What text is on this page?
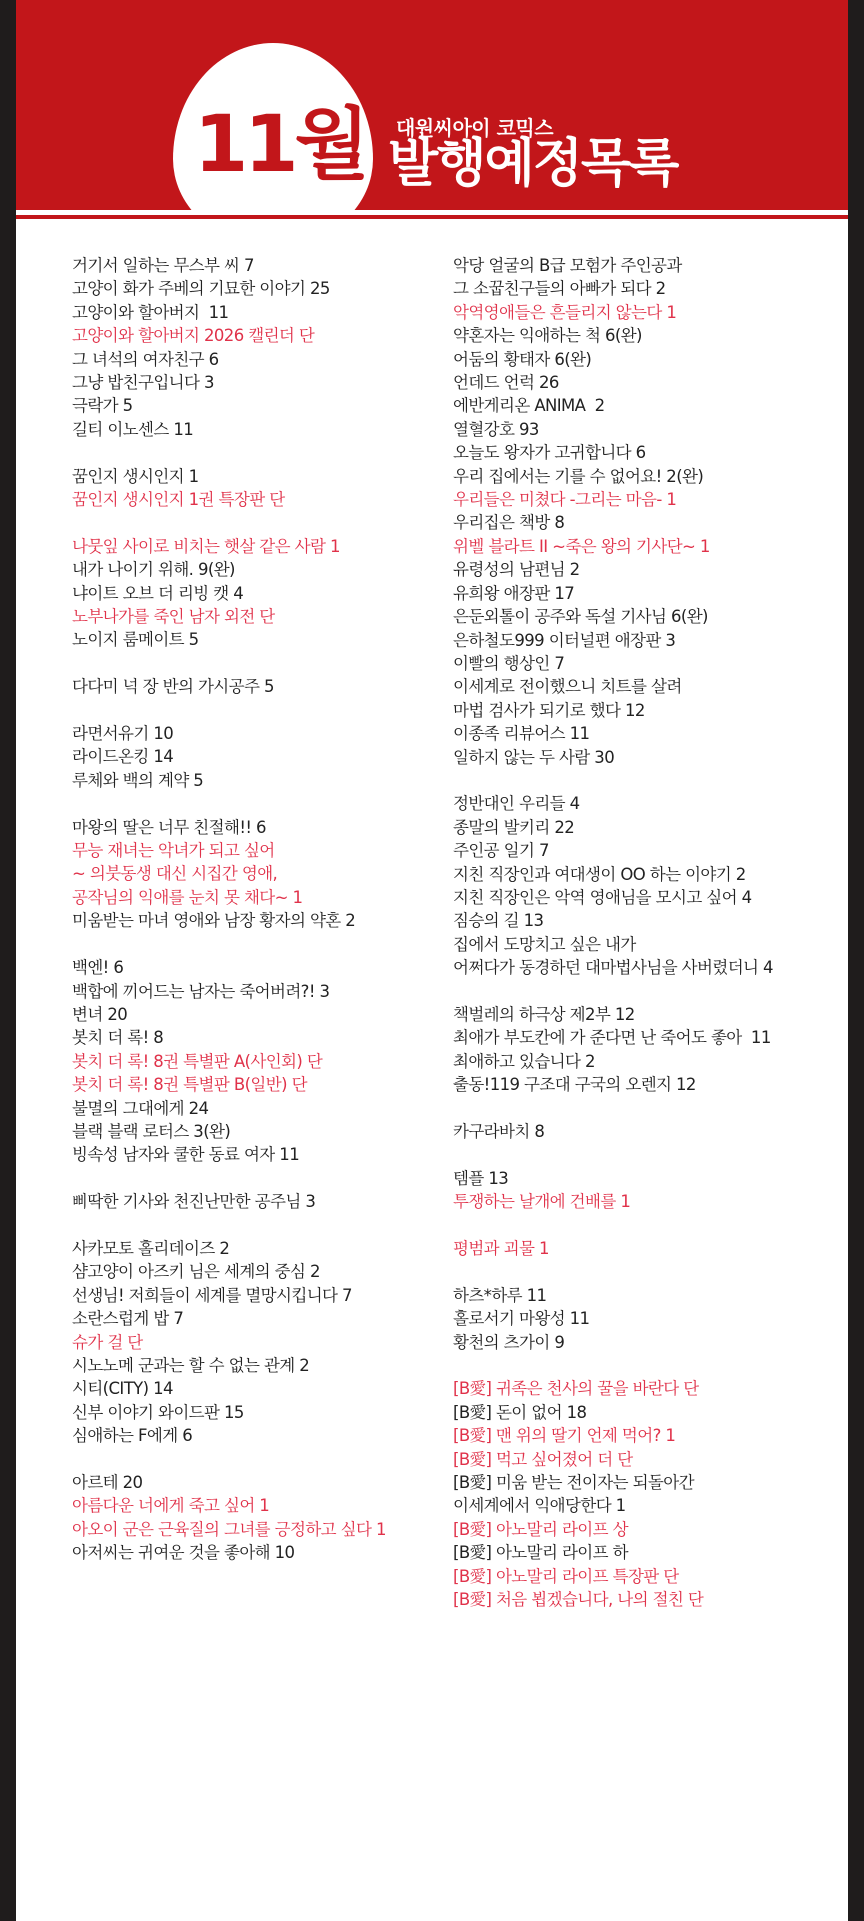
11월 대원씨아이 코믹스
발행예정목록
거기서 일하는 무스부 씨 7
고양이 화가 주베의 기묘한 이야기 25
고양이와 할아버지  11
고양이와 할아버지 2026 캘린더 단
그 녀석의 여자친구 6
그냥 밥친구입니다 3
극락가 5
길티 이노센스 11
꿈인지 생시인지 1
꿈인지 생시인지 1권 특장판 단
나뭇잎 사이로 비치는 햇살 같은 사람 1
내가 나이기 위해. 9(완)
냐이트 오브 더 리빙 캣 4
노부나가를 죽인 남자 외전 단
노이지 룸메이트 5
다다미 넉 장 반의 가시공주 5
라면서유기 10
라이드온킹 14
루체와 백의 계약 5
마왕의 딸은 너무 친절해!! 6
무능 재녀는 악녀가 되고 싶어
~ 의붓동생 대신 시집간 영애,
공작님의 익애를 눈치 못 채다~ 1
미움받는 마녀 영애와 남장 황자의 약혼 2
백엔! 6
백합에 끼어드는 남자는 죽어버려?! 3
변녀 20
봇치 더 록! 8
봇치 더 록! 8권 특별판 A(사인회) 단
봇치 더 록! 8권 특별판 B(일반) 단
불멸의 그대에게 24
블랙 블랙 로터스 3(완)
빙속성 남자와 쿨한 동료 여자 11
삐딱한 기사와 천진난만한 공주님 3
사카모토 홀리데이즈 2
샴고양이 아즈키 님은 세계의 중심 2
선생님! 저희들이 세계를 멸망시킵니다 7
소란스럽게 밥 7
슈가 걸 단
시노노메 군과는 할 수 없는 관계 2
시티(CITY) 14
신부 이야기 와이드판 15
심애하는 F에게 6
아르테 20
아름다운 너에게 죽고 싶어 1
아오이 군은 근육질의 그녀를 긍정하고 싶다 1
아저씨는 귀여운 것을 좋아해 10
악당 얼굴의 B급 모험가 주인공과
그 소꿉친구들의 아빠가 되다 2
악역영애들은 흔들리지 않는다 1
약혼자는 익애하는 척 6(완)
어둠의 황태자 6(완)
언데드 언럭 26
에반게리온 ANIMA  2
열혈강호 93
오늘도 왕자가 고귀합니다 6
우리 집에서는 기를 수 없어요! 2(완)
우리들은 미쳤다 -그리는 마음- 1
우리집은 책방 8
위벨 블라트 II ~죽은 왕의 기사단~ 1
유령성의 남편님 2
유희왕 애장판 17
은둔외톨이 공주와 독설 기사님 6(완)
은하철도999 이터널편 애장판 3
이빨의 행상인 7
이세계로 전이했으니 치트를 살려
마법 검사가 되기로 했다 12
이종족 리뷰어스 11
일하지 않는 두 사람 30
정반대인 우리들 4
종말의 발키리 22
주인공 일기 7
지친 직장인과 여대생이 OO 하는 이야기 2
지친 직장인은 악역 영애님을 모시고 싶어 4
짐승의 길 13
집에서 도망치고 싶은 내가
어쩌다가 동경하던 대마법사님을 사버렸더니 4
책벌레의 하극상 제2부 12
최애가 부도칸에 가 준다면 난 죽어도 좋아  11
최애하고 있습니다 2
출동!119 구조대 구국의 오렌지 12
카구라바치 8
템플 13
투쟁하는 날개에 건배를 1
평범과 괴물 1
하츠*하루 11
홀로서기 마왕성 11
황천의 츠가이 9
[B愛] 귀족은 천사의 꿀을 바란다 단
[B愛] 돈이 없어 18
[B愛] 맨 위의 딸기 언제 먹어? 1
[B愛] 먹고 싶어졌어 더 단
[B愛] 미움 받는 전이자는 되돌아간
이세계에서 익애당한다 1
[B愛] 아노말리 라이프 상
[B愛] 아노말리 라이프 하
[B愛] 아노말리 라이프 특장판 단
[B愛] 처음 뵙겠습니다, 나의 절친 단
